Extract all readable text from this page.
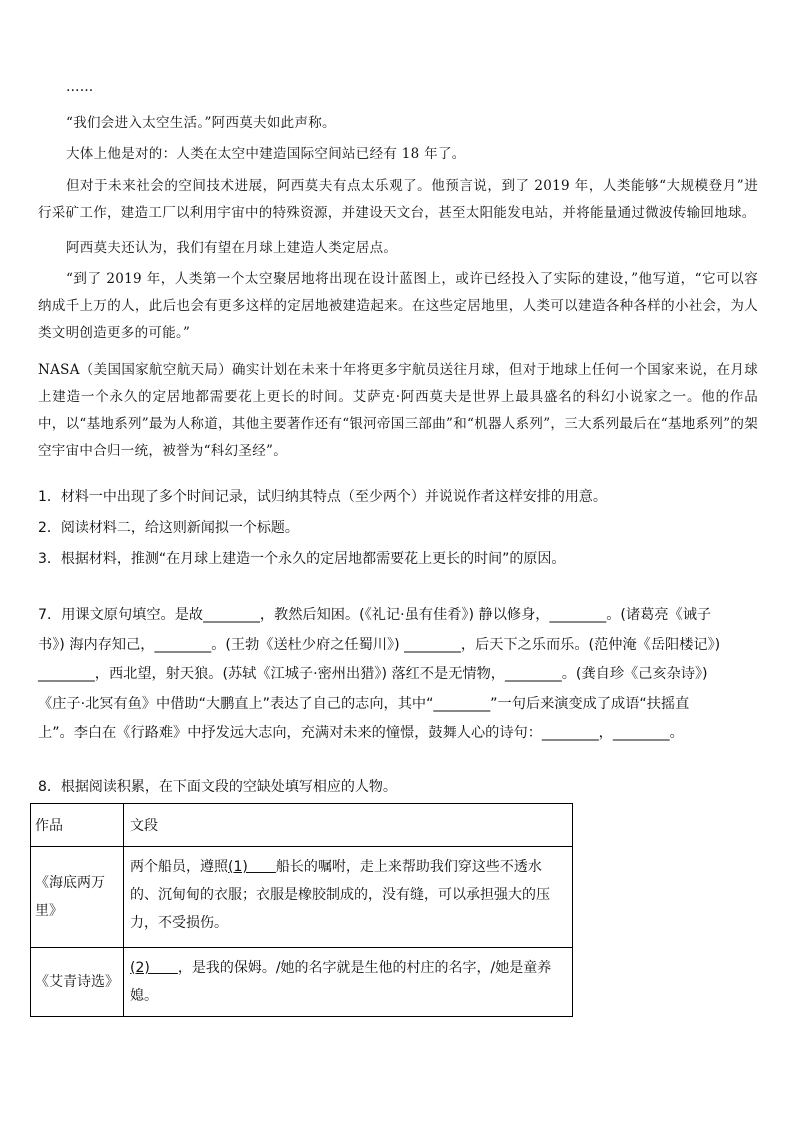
……

“我们会进入太空生活。”阿西莫夫如此声称。

大体上他是对的：人类在太空中建造国际空间站已经有 18 年了。

但对于未来社会的空间技术进展，阿西莫夫有点太乐观了。他预言说，到了 2019 年，人类能够“大规模登月”进行采矿工作，建造工厂以利用宇宙中的特殊资源，并建设天文台，甚至太阳能发电站，并将能量通过微波传输回地球。

阿西莫夫还认为，我们有望在月球上建造人类定居点。

“到了 2019 年，人类第一个太空聚居地将出现在设计蓝图上，或许已经投入了实际的建设，”他写道，“它可以容纳成千上万的人，此后也会有更多这样的定居地被建造起来。在这些定居地里，人类可以建造各种各样的小社会，为人类文明创造更多的可能。”

NASA（美国国家航空航天局）确实计划在未来十年将更多宇航员送往月球，但对于地球上任何一个国家来说，在月球上建造一个永久的定居地都需要花上更长的时间。艾萨克·阿西莫夫是世界上最具盛名的科幻小说家之一。他的作品中，以“基地系列”最为人称道，其他主要著作还有“银河帝国三部曲”和“机器人系列”，三大系列最后在“基地系列”的架空宇宙中合归一统，被誉为“科幻圣经”。

1．材料一中出现了多个时间记录，试归纳其特点（至少两个）并说说作者这样安排的用意。

2．阅读材料二，给这则新闻拟一个标题。

3．根据材料，推测“在月球上建造一个永久的定居地都需要花上更长的时间”的原因。

7．用课文原句填空。是故________，教然后知困。(《礼记·虽有佳肴》) 静以修身，________。(诸葛亮《诫子
书》) 海内存知己，________。(王勃《送杜少府之任蜀川》) ________，后天下之乐而乐。(范仲淹《岳阳楼记》)
________，西北望，射天狼。(苏轼《江城子·密州出猎》) 落红不是无情物，________。(龚自珍《己亥杂诗》)
《庄子·北冥有鱼》中借助“大鹏直上”表达了自己的志向，其中“________”一句后来演变成了成语“扶摇直
上”。李白在《行路难》中抒发远大志向，充满对未来的憧憬，鼓舞人心的诗句：________，________。

8．根据阅读积累，在下面文段的空缺处填写相应的人物。

作品	文段

《海底两万里》	两个船员，遵照(1)　　船长的嘱咐，走上来帮助我们穿这些不透水的、沉甸甸的衣服；衣服是橡胶制成的，没有缝，可以承担强大的压力，不受损伤。

《艾青诗选》	(2)　　，是我的保姆。/她的名字就是生他的村庄的名字，/她是童养媳。
